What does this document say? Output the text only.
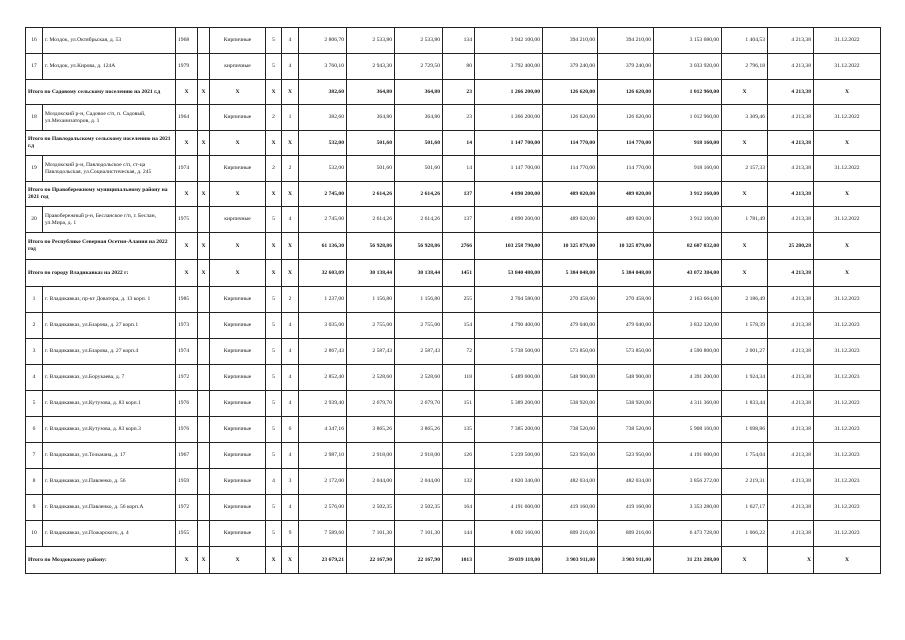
16	г. Моздок, ул.Октябрьская, д. 53	1968		Кирпичные	5	4	2 806,70	2 533,80	2 533,80	134	3 942 100,00	394 210,00	394 210,00	3 153 680,00	1 404,53	4 213,38	31.12.2022
17	г. Моздок, ул.Кирова, д. 124А	1979		кирпичные	5	4	3 760,10	2 943,30	2 729,50	80	3 792 400,00	379 240,00	379 240,00	3 033 920,00	2 796,18	4 213,38	31.12.2022
Итого по Садовому сельскому поселению на 2021 г.д		X	X	X	X	X	382,60	364,80	364,80	23	1 266 200,00	126 620,00	126 620,00	1 012 960,00	X	4 213,38	X
18	Моздокский р-н, Садовое с/п, п. Садовый, ул.Механизаторов, д. 1	1964		Кирпичные	2	1	382,60	364,80	364,80	23	1 266 200,00	126 620,00	126 620,00	1 012 960,00	3 309,46	4 213,38	31.12.2022
Итого по Павлодольскому сельскому поселению на 2021 г.д		X	X	X	X	X	532,00	501,60	501,60	14	1 147 700,00	114 770,00	114 770,00	918 160,00	X	4 213,38	X
19	Моздокский р-н, Павлодольское с/п, ст-ца Павлодольская, ул.Социалистическая, д. 245	1974		Кирпичные	2	2	532,00	501,60	501,60	14	1 147 700,00	114 770,00	114 770,00	918 160,00	2 157,33	4 213,38	31.12.2022
Итого по Правобережному муниципальному району на 2021 год		X	X	X	X	X	2 745,00	2 614,26	2 614,26	137	4 890 200,00	489 020,00	489 020,00	3 912 160,00	X	4 213,38	X
20	Правобережный р-н, Бесланское г/п, г. Беслан, ул.Мира, д. 1	1975		кирпичные	5	4	2 745,00	2 614,26	2 614,26	137	4 890 200,00	489 020,00	489 020,00	3 912 160,00	1 781,49	4 213,38	31.12.2022
Итого по Республике Северная Осетия-Алания на 2022 год		X	X	X	X	X	61 136,30	56 928,86	56 928,86	2766	103 258 790,00	10 325 879,00	10 325 879,00	82 607 032,00	X	25 280,28	X
Итого по городу Владикавказ на 2022 г:		X	X	X	X	X	32 603,09	30 138,44	30 138,44	1451	53 840 480,00	5 384 048,00	5 384 048,00	43 072 384,00	X	4 213,38	X
1	г. Владикавказ, пр-кт Доватора, д. 13 корп. 1	1985		Кирпичные	5	2	1 237,00	1 156,80	1 156,80	255	2 704 580,00	270 458,00	270 458,00	2 163 664,00	2 186,49	4 213,38	31.12.2023
2	г. Владикавказ, ул.Бзарова, д. 27 корп.1	1973		Кирпичные	5	4	3 035,00	2 755,00	2 755,00	154	4 790 400,00	479 040,00	479 040,00	3 832 320,00	1 578,39	4 213,38	31.12.2023
3	г. Владикавказ, ул.Бзарова, д. 27 корп.4	1974		Кирпичные	5	4	2 867,43	2 587,43	2 587,43	72	5 738 500,00	573 850,00	573 850,00	4 590 800,00	2 001,27	4 213,38	31.12.2023
4	г. Владикавказ, ул.Борукаева, д. 7	1972		Кирпичные	5	4	2 852,40	2 528,60	2 528,60	118	5 489 000,00	548 900,00	548 900,00	4 391 200,00	1 924,34	4 213,38	31.12.2023
5	г. Владикавказ, ул.Кутузова, д. 83 корп.1	1976		Кирпичные	5	4	2 939,40	2 679,70	2 679,70	151	5 389 200,00	538 920,00	538 920,00	4 311 360,00	1 833,44	4 213,38	31.12.2023
6	г. Владикавказ, ул.Кутузова, д. 83 корп.3	1976		Кирпичные	5	6	4 347,16	3 865,26	3 865,26	135	7 385 200,00	738 520,00	738 520,00	5 908 160,00	1 698,86	4 213,38	31.12.2023
7	г. Владикавказ, ул.Тельмана, д. 17	1967		Кирпичные	5	4	2 987,10	2 918,00	2 918,00	126	5 239 500,00	523 950,00	523 950,00	4 191 600,00	1 754,04	4 213,38	31.12.2023
8	г. Владикавказ, ул.Павленко, д. 56	1959		Кирпичные	4	3	2 172,00	2 044,00	2 044,00	132	4 820 340,00	482 034,00	482 034,00	3 856 272,00	2 219,31	4 213,38	31.12.2023
9	г. Владикавказ, ул.Павленко, д. 56 корп.А	1972		Кирпичные	5	4	2 576,00	2 502,35	2 502,35	164	4 191 600,00	419 160,00	419 160,00	3 353 280,00	1 627,17	4 213,38	31.12.2023
10	г. Владикавказ, ул.Пожарского, д. 4	1955		Кирпичные	5	9	7 589,60	7 101,30	7 101,30	144	8 092 160,00	809 216,00	809 216,00	6 473 728,00	1 066,22	4 213,38	31.12.2023
Итого по Моздокскому району:		X	X	X	X	X	23 679,21	22 167,90	22 167,90	1013	39 039 118,00	3 903 911,00	3 903 911,00	31 231 288,00	X	X	X
